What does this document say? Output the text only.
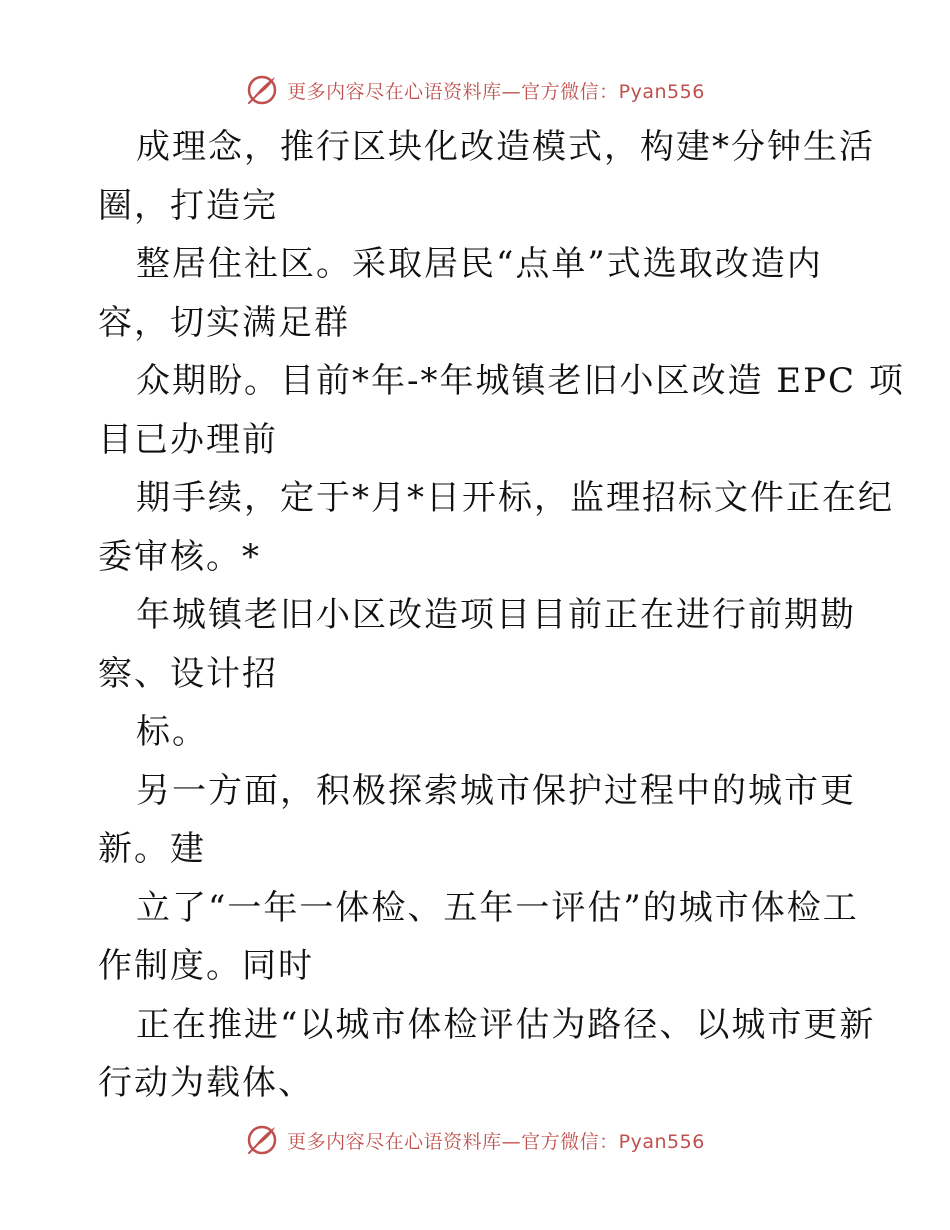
更多内容尽在心语资料库—官方微信：Pyan556
成理念，推行区块化改造模式，构建*分钟生活
圈，打造完
整居住社区。采取居民“点单”式选取改造内
容，切实满足群
众期盼。目前*年-*年城镇老旧小区改造 EPC 项
目已办理前
期手续，定于*月*日开标，监理招标文件正在纪
委审核。*
年城镇老旧小区改造项目目前正在进行前期勘
察、设计招
标。
另一方面，积极探索城市保护过程中的城市更
新。建
立了“一年一体检、五年一评估”的城市体检工
作制度。同时
正在推进“以城市体检评估为路径、以城市更新
行动为载体、
更多内容尽在心语资料库—官方微信：Pyan556
